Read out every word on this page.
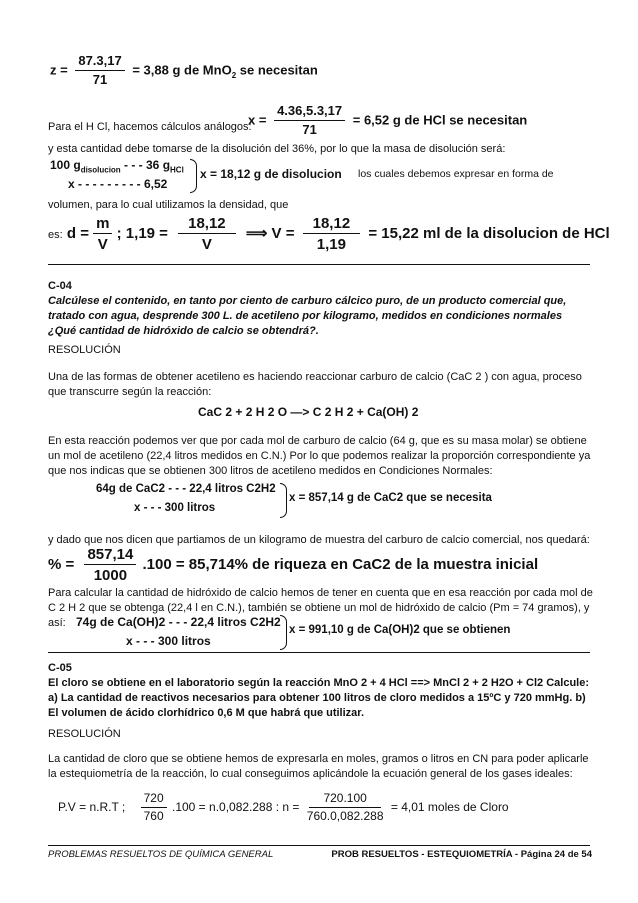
$z = \frac{87.3,17}{71} = 3,88$ g de MnO$_2$ se necesitan
Para el H Cl, hacemos cálculos análogos:
$x = \frac{4.36,5.3,17}{71} = 6,52$ g de HCl se necesitan
y esta cantidad debe tomarse de la disolución del 36%, por lo que la masa de disolución será:
100 $g_{disolucion}$ - - - 36 $g_{HCl}$
x - - - - - - - - - 6,52
x = 18,12 g de disolucion los cuales debemos expresar en forma de
volumen, para lo cual utilizamos la densidad, que
es: $d = \frac{m}{V}$ ; $1,19 = \frac{18,12}{V}$ ⟹ $V = \frac{18,12}{1,19} = 15,22$ ml de la disolucion de HCl
C-04
Calcúlese el contenido, en tanto por ciento de carburo cálcico puro, de un producto comercial que, tratado con agua, desprende 300 L. de acetileno por kilogramo, medidos en condiciones normales ¿Qué cantidad de hidróxido de calcio se obtendrá?.
RESOLUCIÓN
Una de las formas de obtener acetileno es haciendo reaccionar carburo de calcio (CaC 2 ) con agua, proceso que transcurre según la reacción:
CaC 2 + 2 H 2 O —> C 2 H 2 + Ca(OH) 2
En esta reacción podemos ver que por cada mol de carburo de calcio (64 g, que es su masa molar) se obtiene un mol de acetileno (22,4 litros medidos en C.N.) Por lo que podemos realizar la proporción correspondiente ya que nos indicas que se obtienen 300 litros de acetileno medidos en Condiciones Normales:
64g de CaC2 - - - 22,4 litros C2H2
x - - - 300 litros
x = 857,14 g de CaC2 que se necesita
y dado que nos dicen que partiamos de un kilogramo de muestra del carburo de calcio comercial, nos quedará:
% = $\frac{857,14}{1000} .100 = 85,714\%$ de riqueza en CaC2 de la muestra inicial
Para calcular la cantidad de hidróxido de calcio hemos de tener en cuenta que en esa reacción por cada mol de C 2 H 2 que se obtenga (22,4 l en C.N.), también se obtiene un mol de hidróxido de calcio (Pm = 74 gramos), y así: 74g de Ca(OH)2 - - - 22,4 litros C2H2
x - - - 300 litros
x = 991,10 g de Ca(OH)2 que se obtienen
C-05
El cloro se obtiene en el laboratorio según la reacción MnO 2 + 4 HCl ==> MnCl 2 + 2 H2O + Cl2 Calcule: a) La cantidad de reactivos necesarios para obtener 100 litros de cloro medidos a 15ºC y 720 mmHg. b) El volumen de ácido clorhídrico 0,6 M que habrá que utilizar.
RESOLUCIÓN
La cantidad de cloro que se obtiene hemos de expresarla en moles, gramos o litros en CN para poder aplicarle la estequiometría de la reacción, lo cual conseguimos aplicándole la ecuación general de los gases ideales:
P.V = n.R.T ; $\frac{720}{760} .100 = n.0,082.288$ : $n = \frac{720.100}{760.0,082.288} = 4,01$ moles de Cloro
PROBLEMAS RESUELTOS DE QUÍMICA GENERAL	PROB RESUELTOS - ESTEQUIOMETRÍA - Página 24 de 54
